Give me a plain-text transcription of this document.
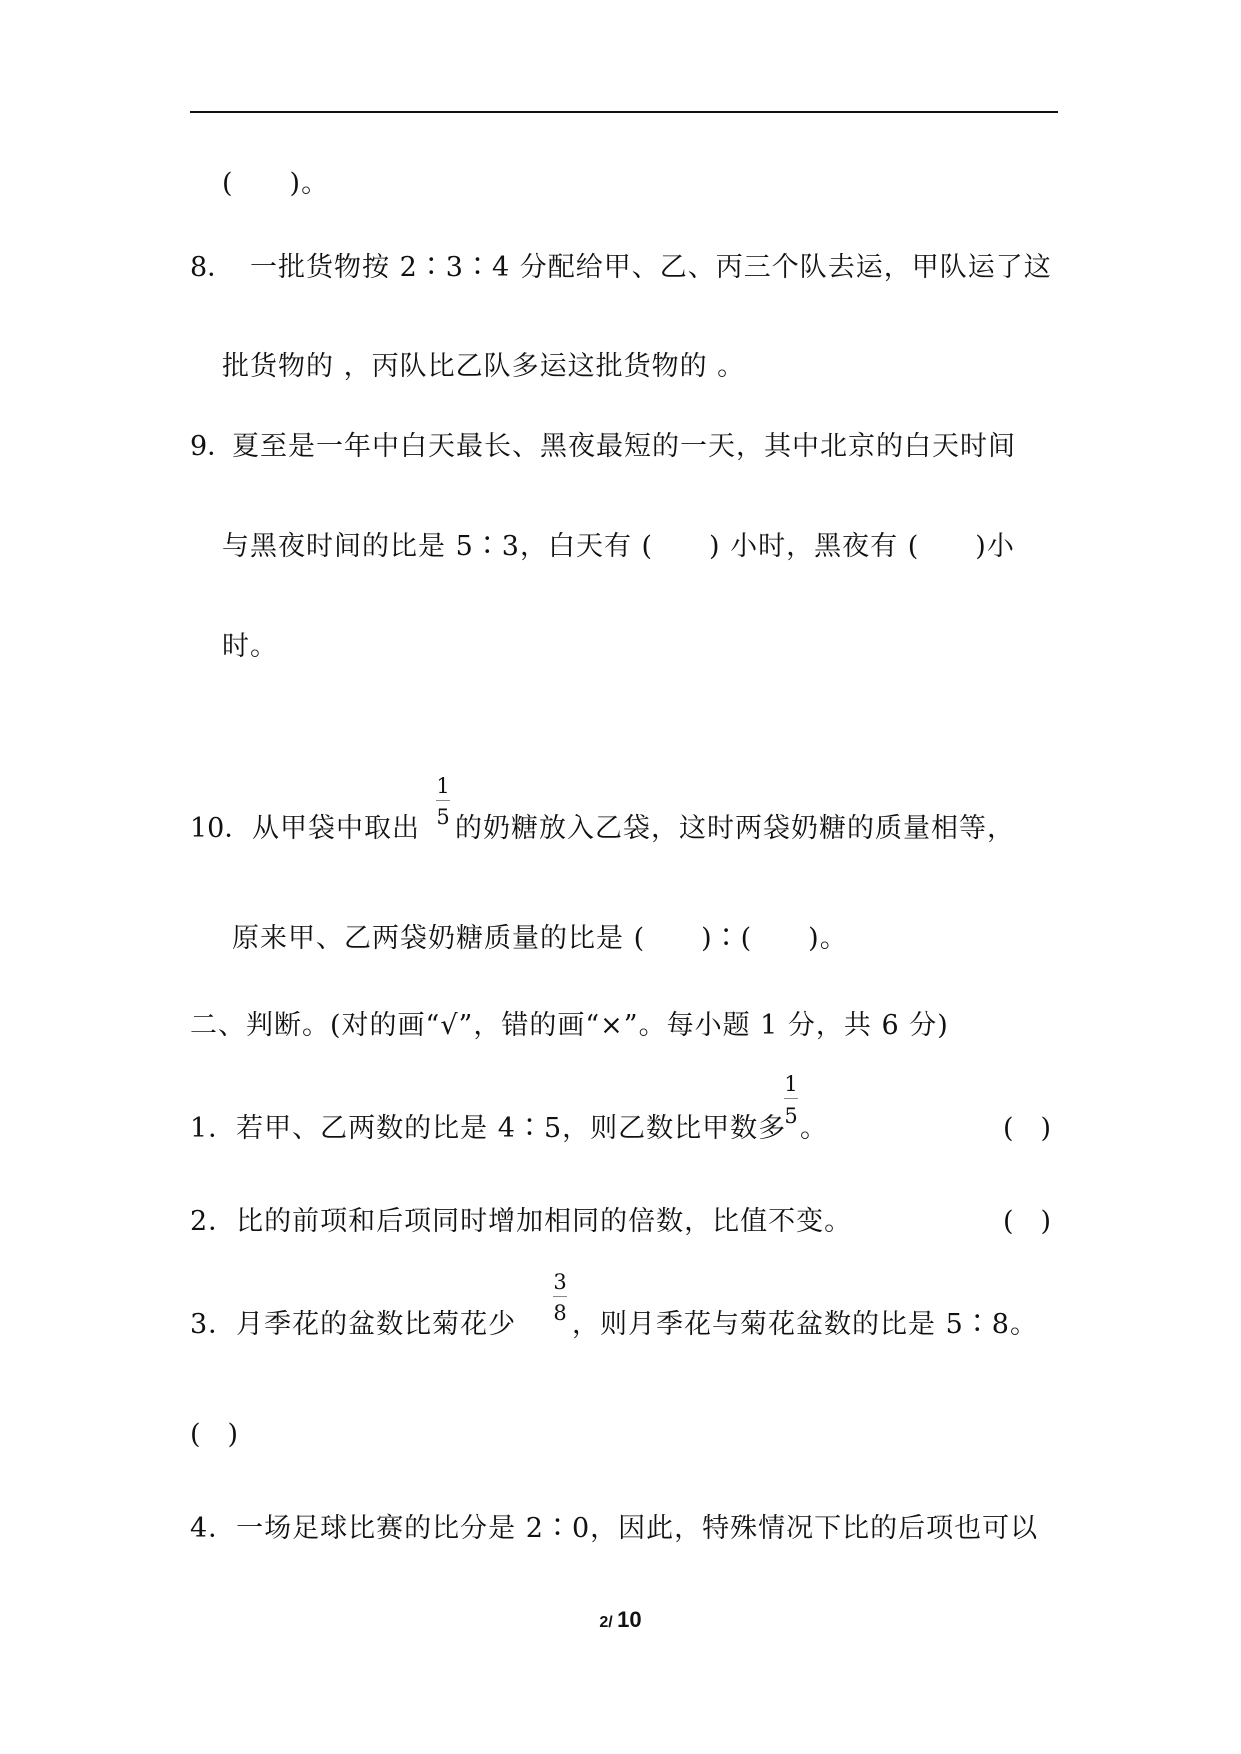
(　　)。
8． 一批货物按 2∶3∶4 分配给甲、乙、丙三个队去运，甲队运了这
批货物的 ，丙队比乙队多运这批货物的 。
9．
夏至是一年中白天最长、黑夜最短的一天，其中北京的白天时间
与黑夜时间的比是 5∶3，白天有 (　　) 小时，黑夜有 (　　)小
时。
10． 从甲袋中取出
1
5 的奶糖放入乙袋，这时两袋奶糖的质量相等，
原来甲、乙两袋奶糖质量的比是 (　　)∶(　　)。
二、判断。(对的画“√”，错的画“×”。每小题 1 分，共 6 分)
1．若甲、乙两数的比是 4∶5，则乙数比甲数多
1
5 。	(　)
2．比的前项和后项同时增加相同的倍数，比值不变。	(　)
3．月季花的盆数比菊花少
3
8 ，则月季花与菊花盆数的比是 5∶8。
(　)
4．一场足球比赛的比分是 2∶0，因此，特殊情况下比的后项也可以
2/ 10
